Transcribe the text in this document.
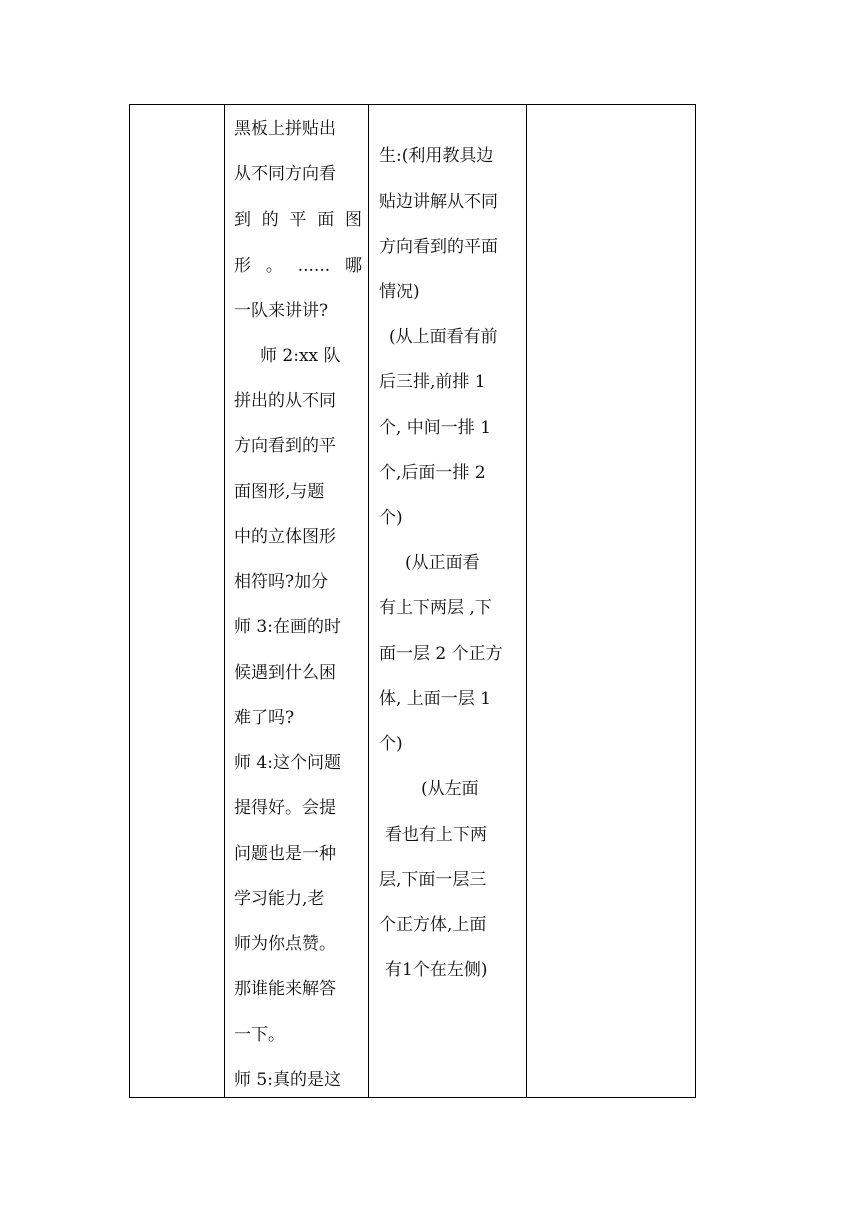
黑板上拼贴出
从不同方向看
到的平面图
形。......哪
一队来讲讲?
师 2:xx 队
拼出的从不同
方向看到的平
面图形,与题
中的立体图形
相符吗?加分
师 3:在画的时
候遇到什么困
难了吗?
师 4:这个问题
提得好。会提
问题也是一种
学习能力,老
师为你点赞。
那谁能来解答
一下。
师 5:真的是这
生:(利用教具边
贴边讲解从不同
方向看到的平面
情况)
(从上面看有前
后三排,前排 1
个, 中间一排 1
个,后面一排 2
个)
(从正面看
有上下两层 ,下
面一层 2 个正方
体, 上面一层 1
个)
(从左面
看也有上下两
层,下面一层三
个正方体,上面
有1个在左侧)
